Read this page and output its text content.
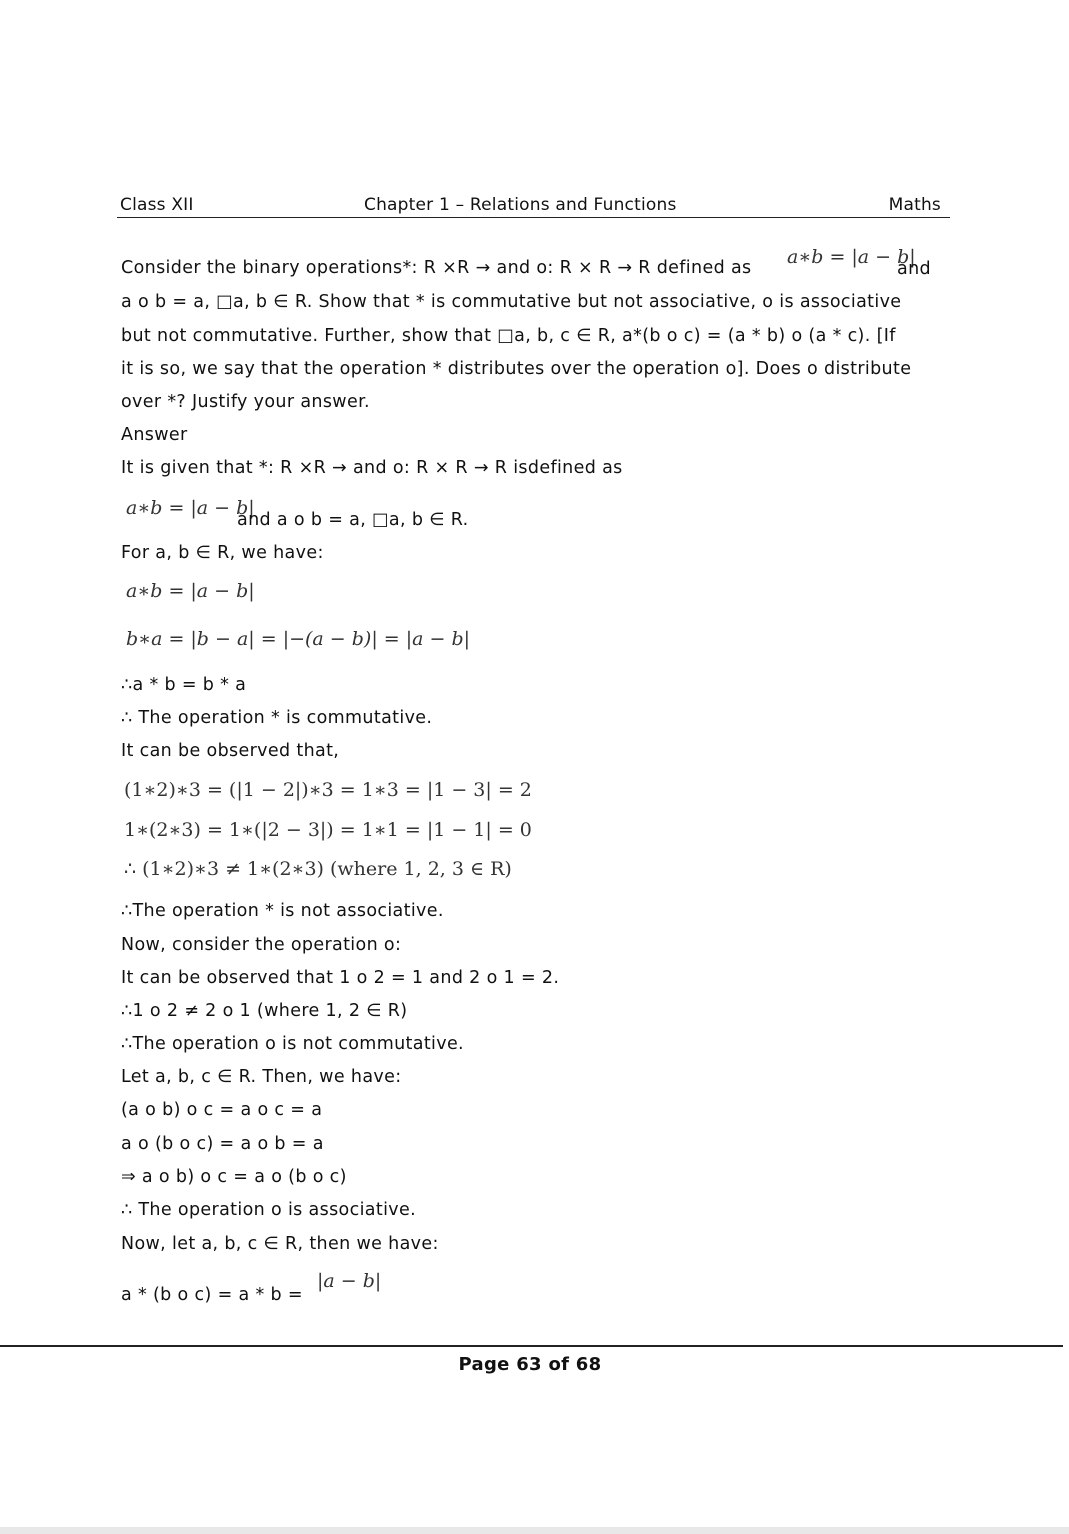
Class XII	Chapter 1 – Relations and Functions	Maths
Consider the binary operations*: R ×R → and o: R × R → R defined as a∗b = |a − b|
and
a o b = a, □a, b ∈ R. Show that * is commutative but not associative, o is associative
but not commutative. Further, show that □a, b, c ∈ R, a*(b o c) = (a * b) o (a * c). [If
it is so, we say that the operation * distributes over the operation o]. Does o distribute
over *? Justify your answer.
Answer
It is given that *: R ×R → and o: R × R → R isdefined as
a∗b = |a − b|
and a o b = a, □a, b ∈ R.
For a, b ∈ R, we have:
a∗b = |a − b|
b∗a = |b − a| = |−(a − b)| = |a − b|
∴a * b = b * a
∴ The operation * is commutative.
It can be observed that,
(1∗2)∗3 = (|1 − 2|)∗3 = 1∗3 = |1 − 3| = 2
1∗(2∗3) = 1∗(|2 − 3|) = 1∗1 = |1 − 1| = 0
∴ (1∗2)∗3 ≠ 1∗(2∗3) (where 1, 2, 3 ∈ R)
∴The operation * is not associative.
Now, consider the operation o:
It can be observed that 1 o 2 = 1 and 2 o 1 = 2.
∴1 o 2 ≠ 2 o 1 (where 1, 2 ∈ R)
∴The operation o is not commutative.
Let a, b, c ∈ R. Then, we have:
(a o b) o c = a o c = a
a o (b o c) = a o b = a
⇒ a o b) o c = a o (b o c)
∴ The operation o is associative.
Now, let a, b, c ∈ R, then we have:
a * (b o c) = a * b =
|a − b|
Page 63 of 68
